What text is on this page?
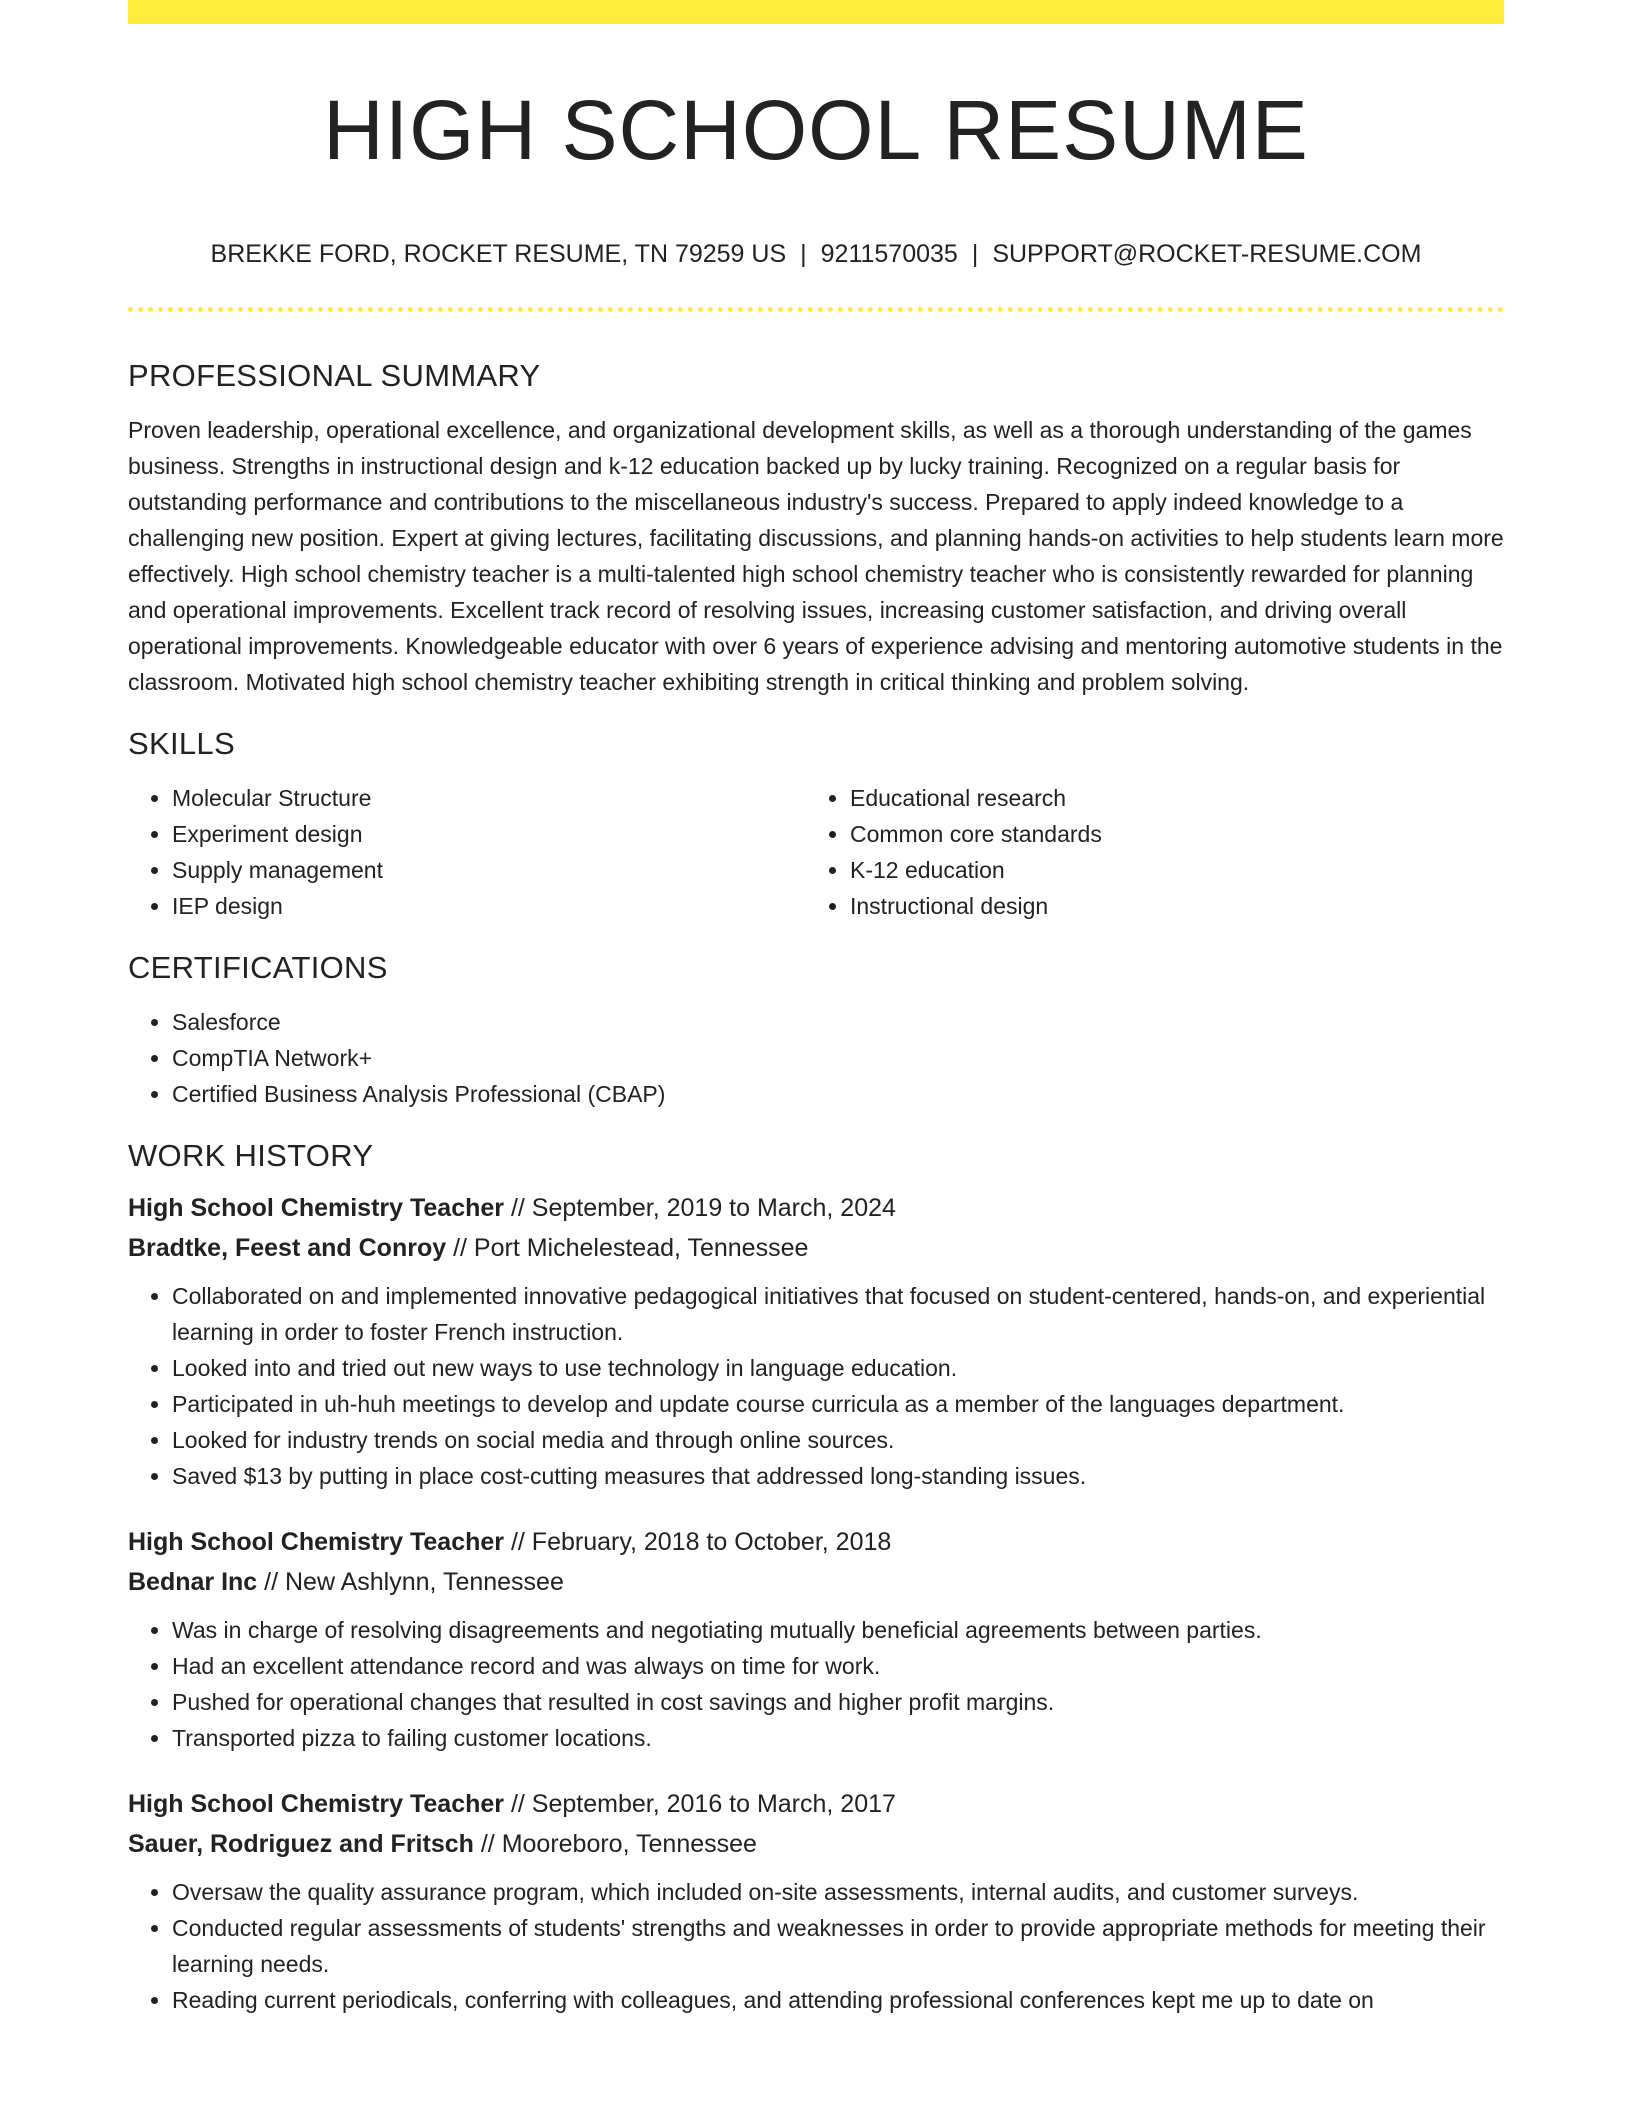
HIGH SCHOOL RESUME
BREKKE FORD, ROCKET RESUME, TN 79259 US | 9211570035 | SUPPORT@ROCKET-RESUME.COM
PROFESSIONAL SUMMARY

Proven leadership, operational excellence, and organizational development skills, as well as a thorough understanding of the games business. Strengths in instructional design and k-12 education backed up by lucky training. Recognized on a regular basis for outstanding performance and contributions to the miscellaneous industry's success. Prepared to apply indeed knowledge to a challenging new position. Expert at giving lectures, facilitating discussions, and planning hands-on activities to help students learn more effectively. High school chemistry teacher is a multi-talented high school chemistry teacher who is consistently rewarded for planning and operational improvements. Excellent track record of resolving issues, increasing customer satisfaction, and driving overall operational improvements. Knowledgeable educator with over 6 years of experience advising and mentoring automotive students in the classroom. Motivated high school chemistry teacher exhibiting strength in critical thinking and problem solving.

SKILLS
• Molecular Structure
• Experiment design
• Supply management
• IEP design
• Educational research
• Common core standards
• K-12 education
• Instructional design
CERTIFICATIONS
• Salesforce
• CompTIA Network+
• Certified Business Analysis Professional (CBAP)
WORK HISTORY
High School Chemistry Teacher // September, 2019 to March, 2024
Bradtke, Feest and Conroy // Port Michelestead, Tennessee
• Collaborated on and implemented innovative pedagogical initiatives that focused on student-centered, hands-on, and experiential learning in order to foster French instruction.
• Looked into and tried out new ways to use technology in language education.
• Participated in uh-huh meetings to develop and update course curricula as a member of the languages department.
• Looked for industry trends on social media and through online sources.
• Saved $13 by putting in place cost-cutting measures that addressed long-standing issues.
High School Chemistry Teacher // February, 2018 to October, 2018
Bednar Inc // New Ashlynn, Tennessee
• Was in charge of resolving disagreements and negotiating mutually beneficial agreements between parties.
• Had an excellent attendance record and was always on time for work.
• Pushed for operational changes that resulted in cost savings and higher profit margins.
• Transported pizza to failing customer locations.
High School Chemistry Teacher // September, 2016 to March, 2017
Sauer, Rodriguez and Fritsch // Mooreboro, Tennessee
• Oversaw the quality assurance program, which included on-site assessments, internal audits, and customer surveys.
• Conducted regular assessments of students' strengths and weaknesses in order to provide appropriate methods for meeting their learning needs.
• Reading current periodicals, conferring with colleagues, and attending professional conferences kept me up to date on
